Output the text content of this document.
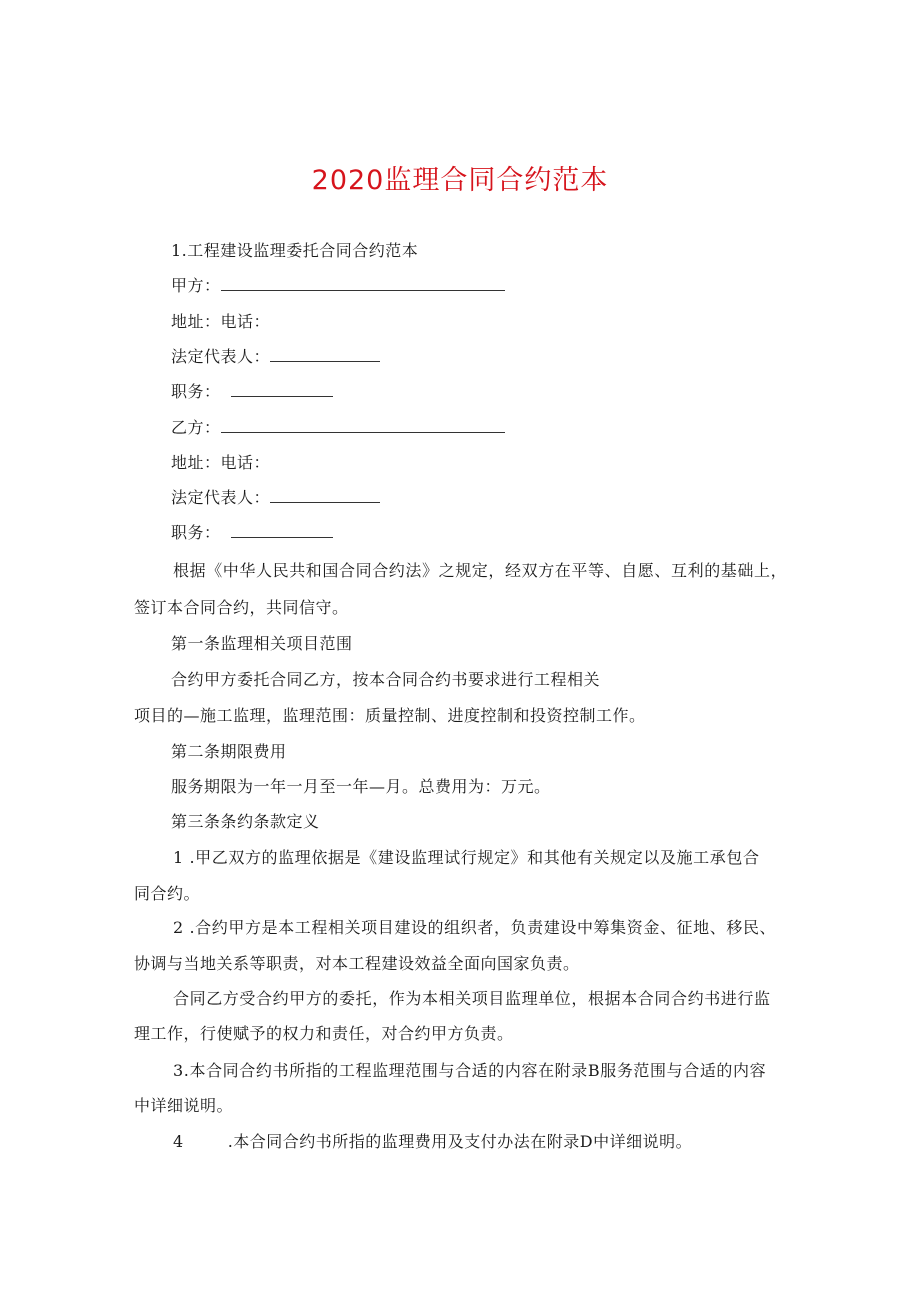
2020监理合同合约范本
1.工程建设监理委托合同合约范本
甲方：
地址：电话：
法定代表人：
职务：
乙方：
地址：电话：
法定代表人：
职务：
根据《中华人民共和国合同合约法》之规定，经双方在平等、自愿、互利的基础上，
签订本合同合约，共同信守。
第一条监理相关项目范围
合约甲方委托合同乙方，按本合同合约书要求进行工程相关
项目的—施工监理，监理范围：质量控制、进度控制和投资控制工作。
第二条期限费用
服务期限为一年一月至一年—月。总费用为：万元。
第三条条约条款定义
1 .甲乙双方的监理依据是《建设监理试行规定》和其他有关规定以及施工承包合
同合约。
2 .合约甲方是本工程相关项目建设的组织者，负责建设中筹集资金、征地、移民、
协调与当地关系等职责，对本工程建设效益全面向国家负责。
合同乙方受合约甲方的委托，作为本相关项目监理单位，根据本合同合约书进行监
理工作，行使赋予的权力和责任，对合约甲方负责。
3.本合同合约书所指的工程监理范围与合适的内容在附录B服务范围与合适的内容
中详细说明。
4	.本合同合约书所指的监理费用及支付办法在附录D中详细说明。
